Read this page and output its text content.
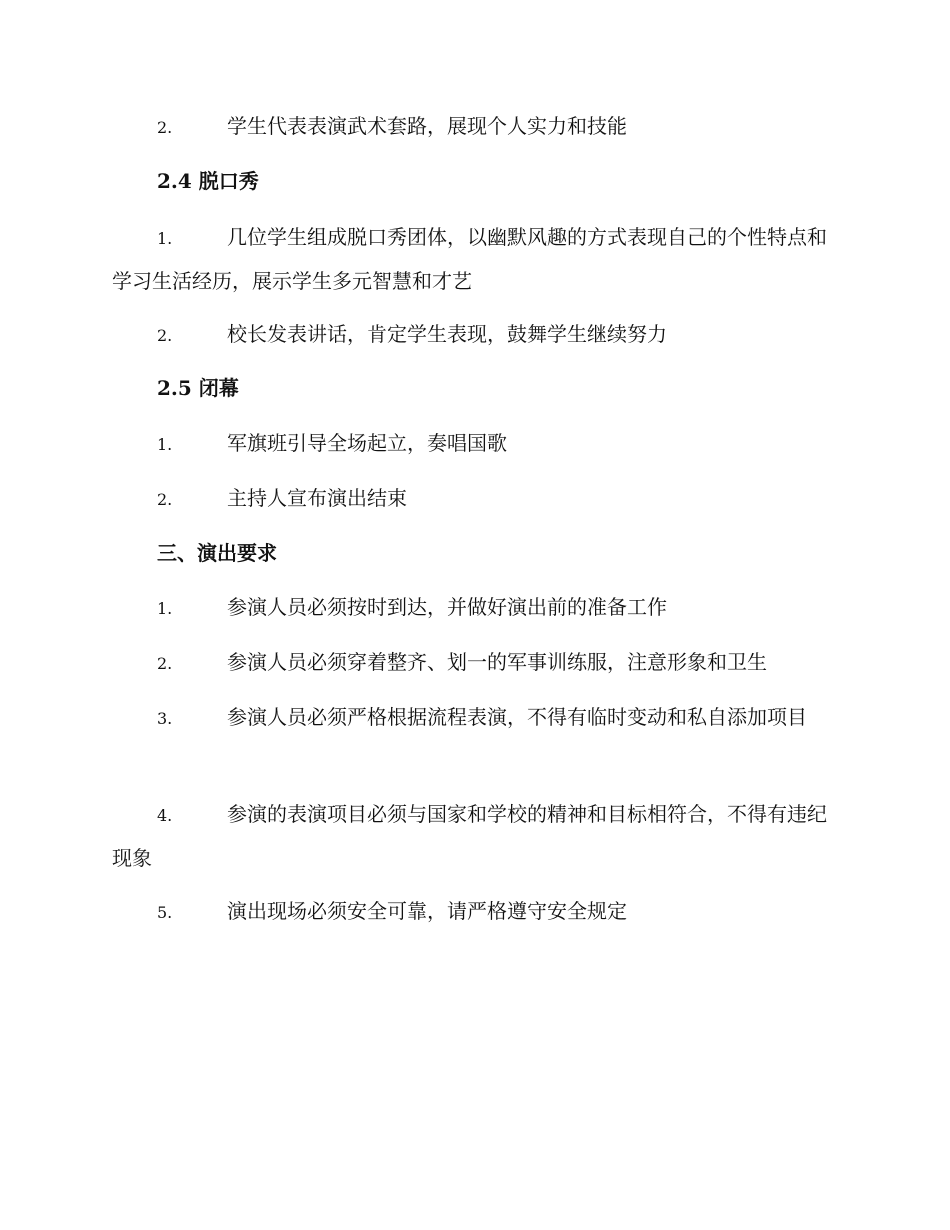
2.	学生代表表演武术套路，展现个人实力和技能
2.4 脱口秀
1.	几位学生组成脱口秀团体，以幽默风趣的方式表现自己的个性特点和学习生活经历，展示学生多元智慧和才艺
2.	校长发表讲话，肯定学生表现，鼓舞学生继续努力
2.5 闭幕
1.	军旗班引导全场起立，奏唱国歌
2.	主持人宣布演出结束
三、演出要求
1.	参演人员必须按时到达，并做好演出前的准备工作
2.	参演人员必须穿着整齐、划一的军事训练服，注意形象和卫生
3.	参演人员必须严格根据流程表演，不得有临时变动和私自添加项目
4.	参演的表演项目必须与国家和学校的精神和目标相符合，不得有违纪现象
5.	演出现场必须安全可靠，请严格遵守安全规定
